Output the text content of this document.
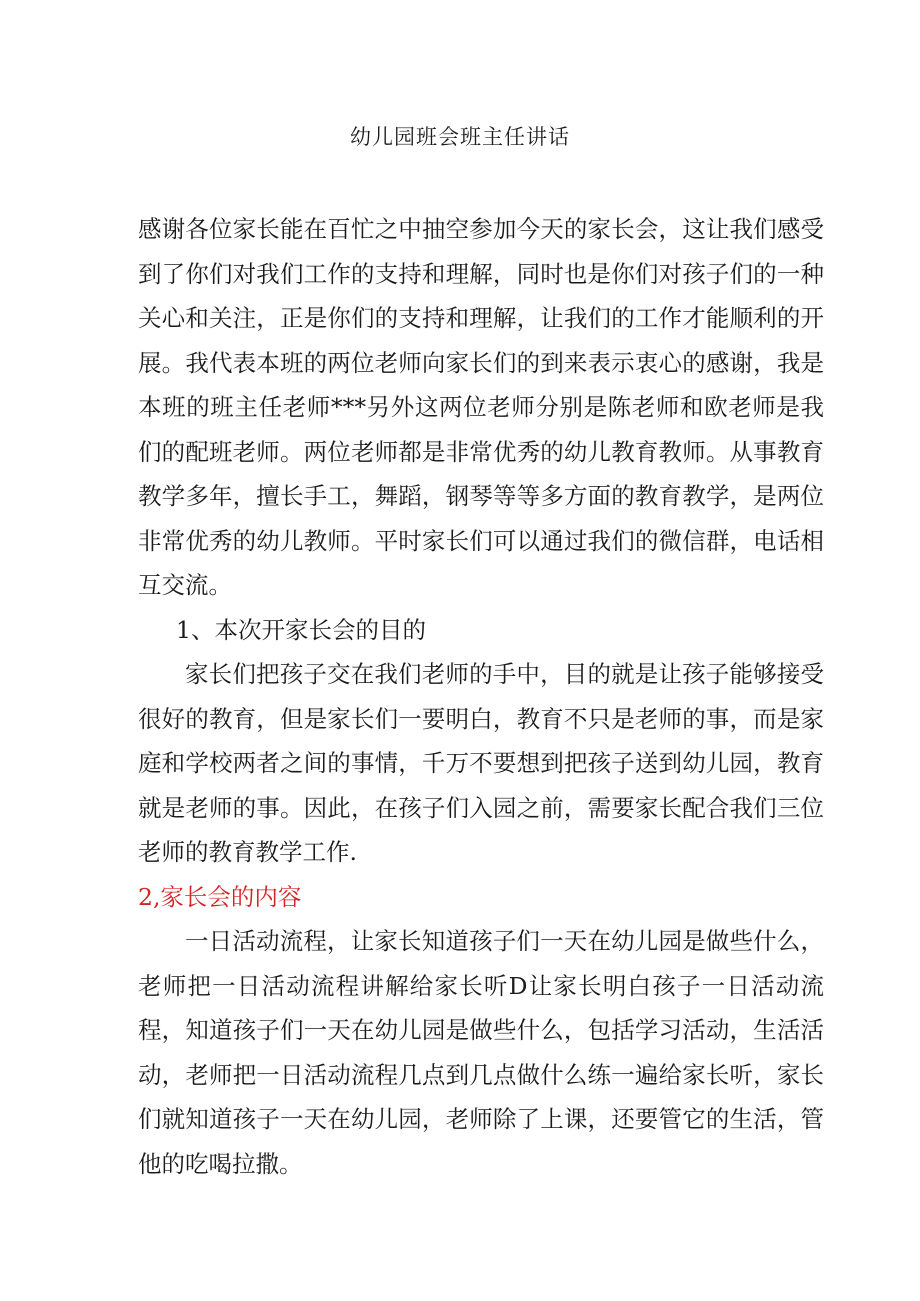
幼儿园班会班主任讲话

感谢各位家长能在百忙之中抽空参加今天的家长会，这让我们感受到了你们对我们工作的支持和理解，同时也是你们对孩子们的一种关心和关注，正是你们的支持和理解，让我们的工作才能顺利的开展。我代表本班的两位老师向家长们的到来表示衷心的感谢，我是本班的班主任老师***另外这两位老师分别是陈老师和欧老师是我们的配班老师。两位老师都是非常优秀的幼儿教育教师。从事教育教学多年，擅长手工，舞蹈，钢琴等等多方面的教育教学，是两位非常优秀的幼儿教师。平时家长们可以通过我们的微信群，电话相互交流。

1、本次开家长会的目的

家长们把孩子交在我们老师的手中，目的就是让孩子能够接受很好的教育，但是家长们一要明白，教育不只是老师的事，而是家庭和学校两者之间的事情，千万不要想到把孩子送到幼儿园，教育就是老师的事。因此，在孩子们入园之前，需要家长配合我们三位老师的教育教学工作.

2,家长会的内容

一日活动流程，让家长知道孩子们一天在幼儿园是做些什么，老师把一日活动流程讲解给家长听D让家长明白孩子一日活动流程，知道孩子们一天在幼儿园是做些什么，包括学习活动，生活活动，老师把一日活动流程几点到几点做什么练一遍给家长听，家长们就知道孩子一天在幼儿园，老师除了上课，还要管它的生活，管他的吃喝拉撒。
